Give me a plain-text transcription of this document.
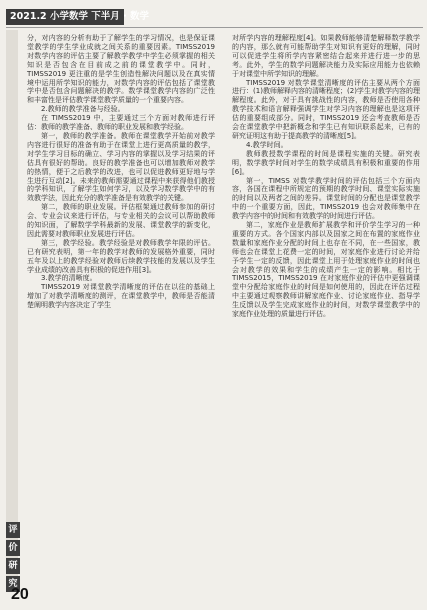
2021.2 小学数学 下半月 · 数学
评
价
研
究
20

分，对内容的分析有助于了解学生的学习情况，也是保证课堂教学的学生学业成就之间关系的重要因素。TIMSS2019 对数学内容的评估主要了解教学教学中学生必须掌握的相关知识是否包含在目前成之前的课堂教学中。同时，TIMSS2019 更注重的是学生创造性解决问题以及在真实情境中运用所学知识的能力，对数学内容的评估包括了课堂教学中是否包含问题解决的教学。数学课堂教学内容的广泛性和丰富性是评估教学课堂教学质量的一个重要内容。

2.教师的教学准备与经验。

在 TIMSS2019 中，主要通过三个方面对教师进行评估：教师的教学准备、教师的职业发展和教学经验。

第一，教师的教学准备。教师在课堂教学开始前对教学内容进行很好的准备有助于在课堂上进行更高质量的教学，对学生学习目标的确立、学习内容的掌握以及学习结果的评估具有很好的帮助。良好的教学准备也可以增加教师对教学的热情，便于之后教学的改进，也可以促进教师更好地与学生进行互动[2]。未来的教师需要通过课程中来获得他们教授的学科知识，了解学生如何学习，以及学习数学教学中的有效教学法，因此充分的教学准备是有效教学的关键。

第二，教师的职业发展。评估框架通过教师参加的研讨会、专业会议来进行评估，与专业相关的会议可以帮助教师的知识面，了解数学学科最新的发展、课堂教学的新变化，因此需要对教师职业发展进行评估。

第三，教学经验。教学经验是对教师教学年限的评估。已有研究表明，第一年的教学对教师的发展格外重要，同时五年及以上的教学经验对教师后续教学技能的发展以及学生学业成绩的改善具有积极的促进作用[3]。

3.教学的清晰度。

TIMSS2019 对课堂教学清晰度的评估在以往的基础上增加了对教学清晰度的测评，在课堂教学中，教师是否能清楚阐明教学内容决定了学生

对所学内容的理解程度[4]。如果教师能够清楚解释数学教学的内容，那么就有可能帮助学生对知识有更好的理解，同时可以促进学生将所学内容紧密结合起来并进行进一步的思考。此外，学生的数学问题解决能力及实际应用能力也依赖于对课堂中所学知识的理解。

TIMSS2019 对数学课堂清晰度的评估主要从两个方面进行：(1)教师解释内容的清晰程度；(2)学生对教学内容的理解程度。此外，对于具有挑战性的内容，教师是否使用各种教学技术和语言解释强调学生对学习内容的理解也是这项评估的重要组成部分。同时，TIMSS2019 还会考查教师是否会在课堂教学中把新概念和学生已有知识联系起来，已有的研究证明这有助于提高教学的清晰度[5]。

4.教学时间。

教师教授数学课程的时间是课程实施的关键。研究表明，数学教学时间对学生的数学成绩具有积极和重要的作用[6]。

第一，TIMSS 对数学教学时间的评估包括三个方面内容，各国在课程中所规定的预期的教学时间、课堂实际实施的时间以及两者之间的差异。课堂时间的分配也是课堂教学中的一个重要方面，因此，TIMSS2019 也会对教师集中在教学内容中的时间和有效教学的时间进行评估。

第二，家庭作业是教师扩展教学和评价学生学习的一种重要的方式。各个国家内部以及国家之间在布置的家庭作业数量和家庭作业分配的时间上也存在不同，在一些国家，教师也会在课堂上花费一定的时间，对家庭作业进行讨论并给予学生一定的反馈，因此课堂上用于处理家庭作业的时间也会对教学的效果和学生的成绩产生一定的影响。相比于 TIMSS2015，TIMSS2019 在对家庭作业的评估中更强调课堂中分配给家庭作业的时间是如何使用的，因此在评估过程中主要通过观察教师讲解家庭作业、讨论家庭作业、指导学生反馈以及学生完成家庭作业的时间，对数学课堂教学中的家庭作业处理的质量进行评估。
